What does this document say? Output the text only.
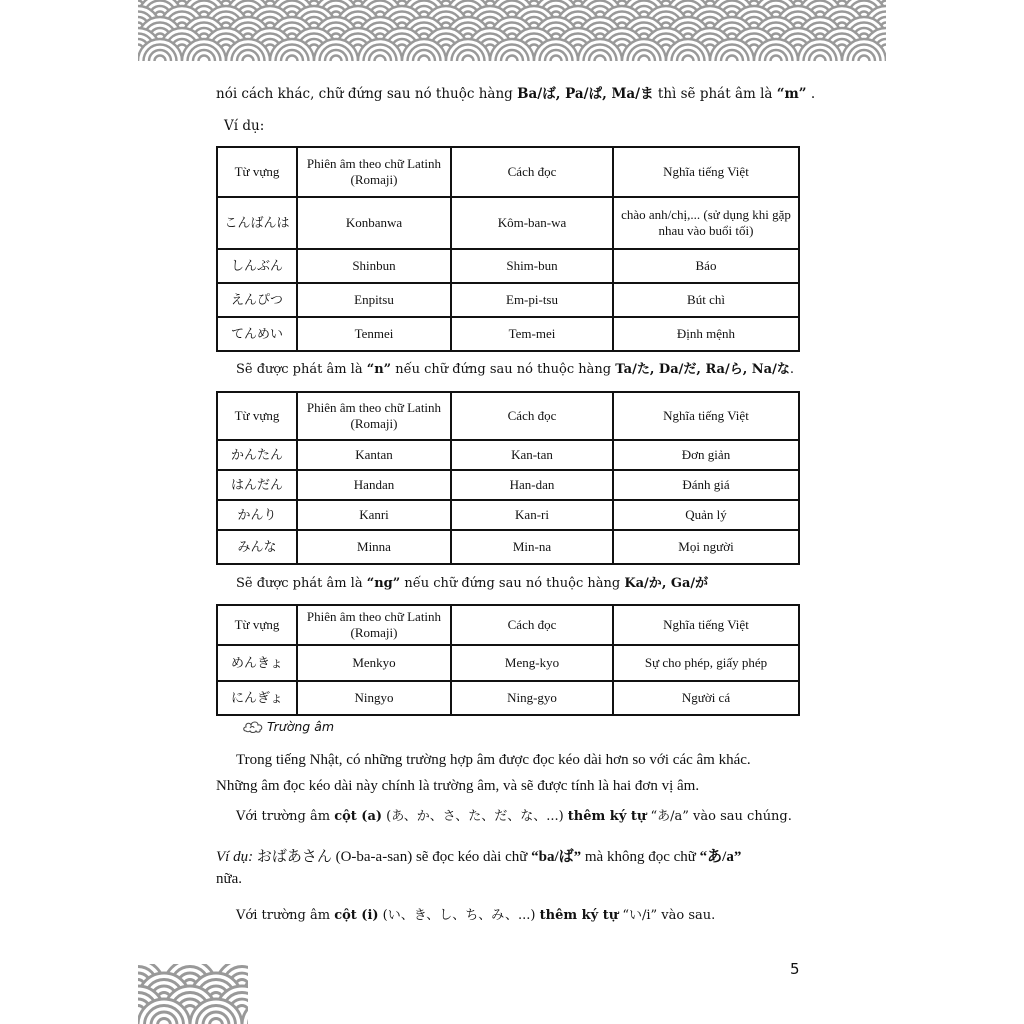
nói cách khác, chữ đứng sau nó thuộc hàng Ba/ば, Pa/ぱ, Ma/ま thì sẽ phát âm là “m” .
Ví dụ:
Từ vựng	Phiên âm theo chữ Latinh (Romaji)	Cách đọc	Nghĩa tiếng Việt
こんばんは	Konbanwa	Kôm-ban-wa	chào anh/chị,... (sử dụng khi gặp nhau vào buổi tối)
しんぶん	Shinbun	Shim-bun	Báo
えんぴつ	Enpitsu	Em-pi-tsu	Bút chì
てんめい	Tenmei	Tem-mei	Định mệnh
Sẽ được phát âm là “n” nếu chữ đứng sau nó thuộc hàng Ta/た, Da/だ, Ra/ら, Na/な.
Từ vựng	Phiên âm theo chữ Latinh (Romaji)	Cách đọc	Nghĩa tiếng Việt
かんたん	Kantan	Kan-tan	Đơn giản
はんだん	Handan	Han-dan	Đánh giá
かんり	Kanri	Kan-ri	Quản lý
みんな	Minna	Min-na	Mọi người
Sẽ được phát âm là “ng” nếu chữ đứng sau nó thuộc hàng Ka/か, Ga/が
Từ vựng	Phiên âm theo chữ Latinh (Romaji)	Cách đọc	Nghĩa tiếng Việt
めんきょ	Menkyo	Meng-kyo	Sự cho phép, giấy phép
にんぎょ	Ningyo	Ning-gyo	Người cá
Trường âm
Trong tiếng Nhật, có những trường hợp âm được đọc kéo dài hơn so với các âm khác.
Những âm đọc kéo dài này chính là trường âm, và sẽ được tính là hai đơn vị âm.
Với trường âm cột (a) (あ、か、さ、た、だ、な、...) thêm ký tự “あ/a” vào sau chúng.
Ví dụ: おばあさん (O-ba-a-san) sẽ đọc kéo dài chữ “ba/ば” mà không đọc chữ “あ/a”
nữa.
Với trường âm cột (i) (い、き、し、ち、み、...) thêm ký tự “い/i” vào sau.
5
